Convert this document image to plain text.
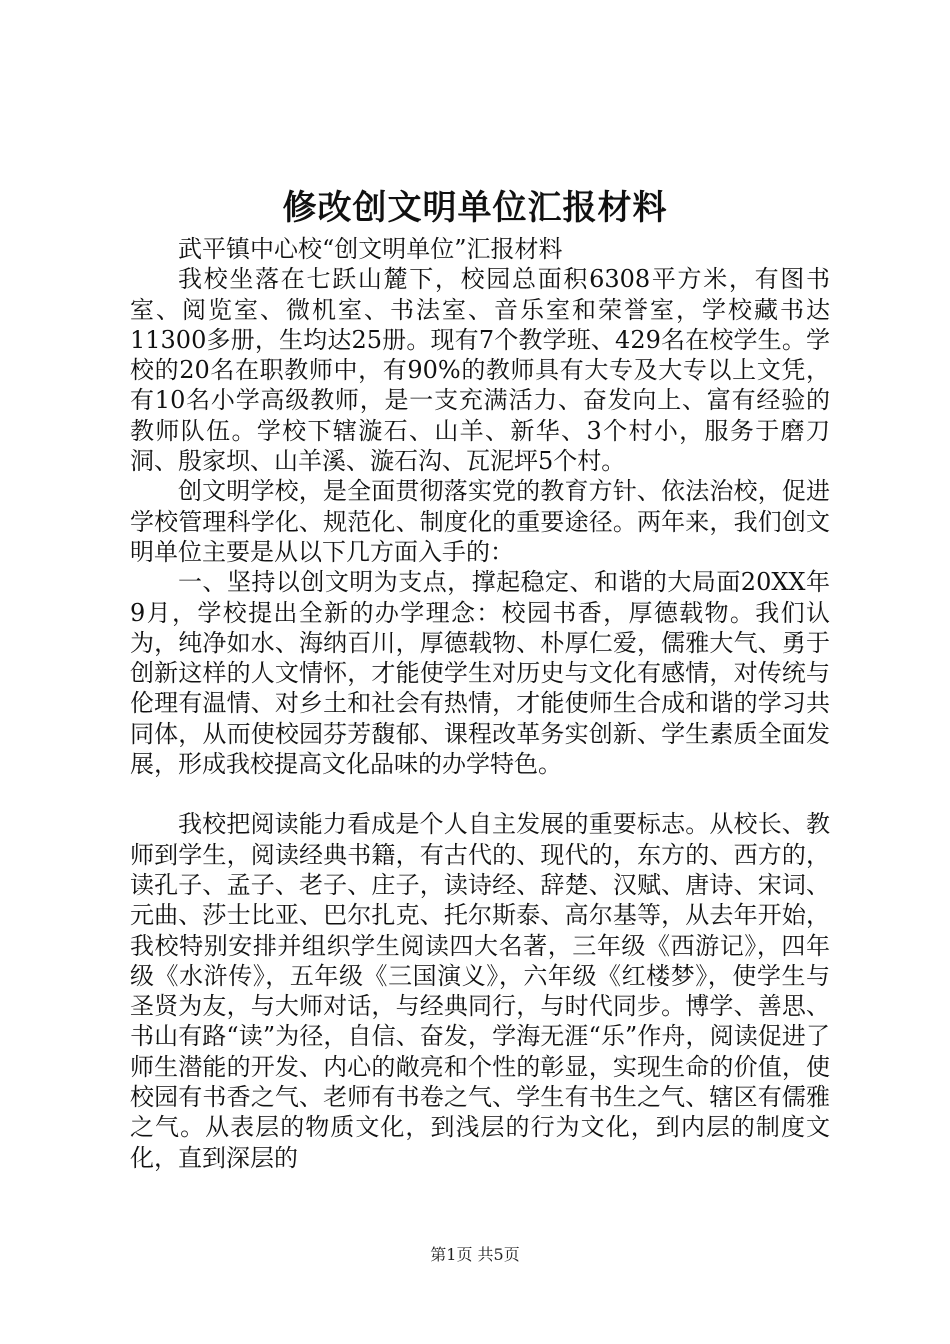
修改创文明单位汇报材料

武平镇中心校“创文明单位”汇报材料

我校坐落在七跃山麓下，校园总面积6308平方米，有图书室、阅览室、微机室、书法室、音乐室和荣誉室，学校藏书达11300多册，生均达25册。现有7个教学班、429名在校学生。学校的20名在职教师中，有90%的教师具有大专及大专以上文凭，有10名小学高级教师，是一支充满活力、奋发向上、富有经验的教师队伍。学校下辖漩石、山羊、新华、3个村小，服务于磨刀洞、殷家坝、山羊溪、漩石沟、瓦泥坪5个村。

创文明学校，是全面贯彻落实党的教育方针、依法治校，促进学校管理科学化、规范化、制度化的重要途径。两年来，我们创文明单位主要是从以下几方面入手的：

一、坚持以创文明为支点，撑起稳定、和谐的大局面20XX年9月，学校提出全新的办学理念：校园书香，厚德载物。我们认为，纯净如水、海纳百川，厚德载物、朴厚仁爱，儒雅大气、勇于创新这样的人文情怀，才能使学生对历史与文化有感情，对传统与伦理有温情、对乡土和社会有热情，才能使师生合成和谐的学习共同体，从而使校园芬芳馥郁、课程改革务实创新、学生素质全面发展，形成我校提高文化品味的办学特色。

我校把阅读能力看成是个人自主发展的重要标志。从校长、教师到学生，阅读经典书籍，有古代的、现代的，东方的、西方的，读孔子、孟子、老子、庄子，读诗经、辞楚、汉赋、唐诗、宋词、元曲、莎士比亚、巴尔扎克、托尔斯泰、高尔基等，从去年开始，我校特别安排并组织学生阅读四大名著，三年级《西游记》，四年级《水浒传》，五年级《三国演义》，六年级《红楼梦》，使学生与圣贤为友，与大师对话，与经典同行，与时代同步。博学、善思、书山有路“读”为径，自信、奋发，学海无涯“乐”作舟，阅读促进了师生潜能的开发、内心的敞亮和个性的彰显，实现生命的价值，使校园有书香之气、老师有书卷之气、学生有书生之气、辖区有儒雅之气。从表层的物质文化，到浅层的行为文化，到内层的制度文化，直到深层的

第1页 共5页
